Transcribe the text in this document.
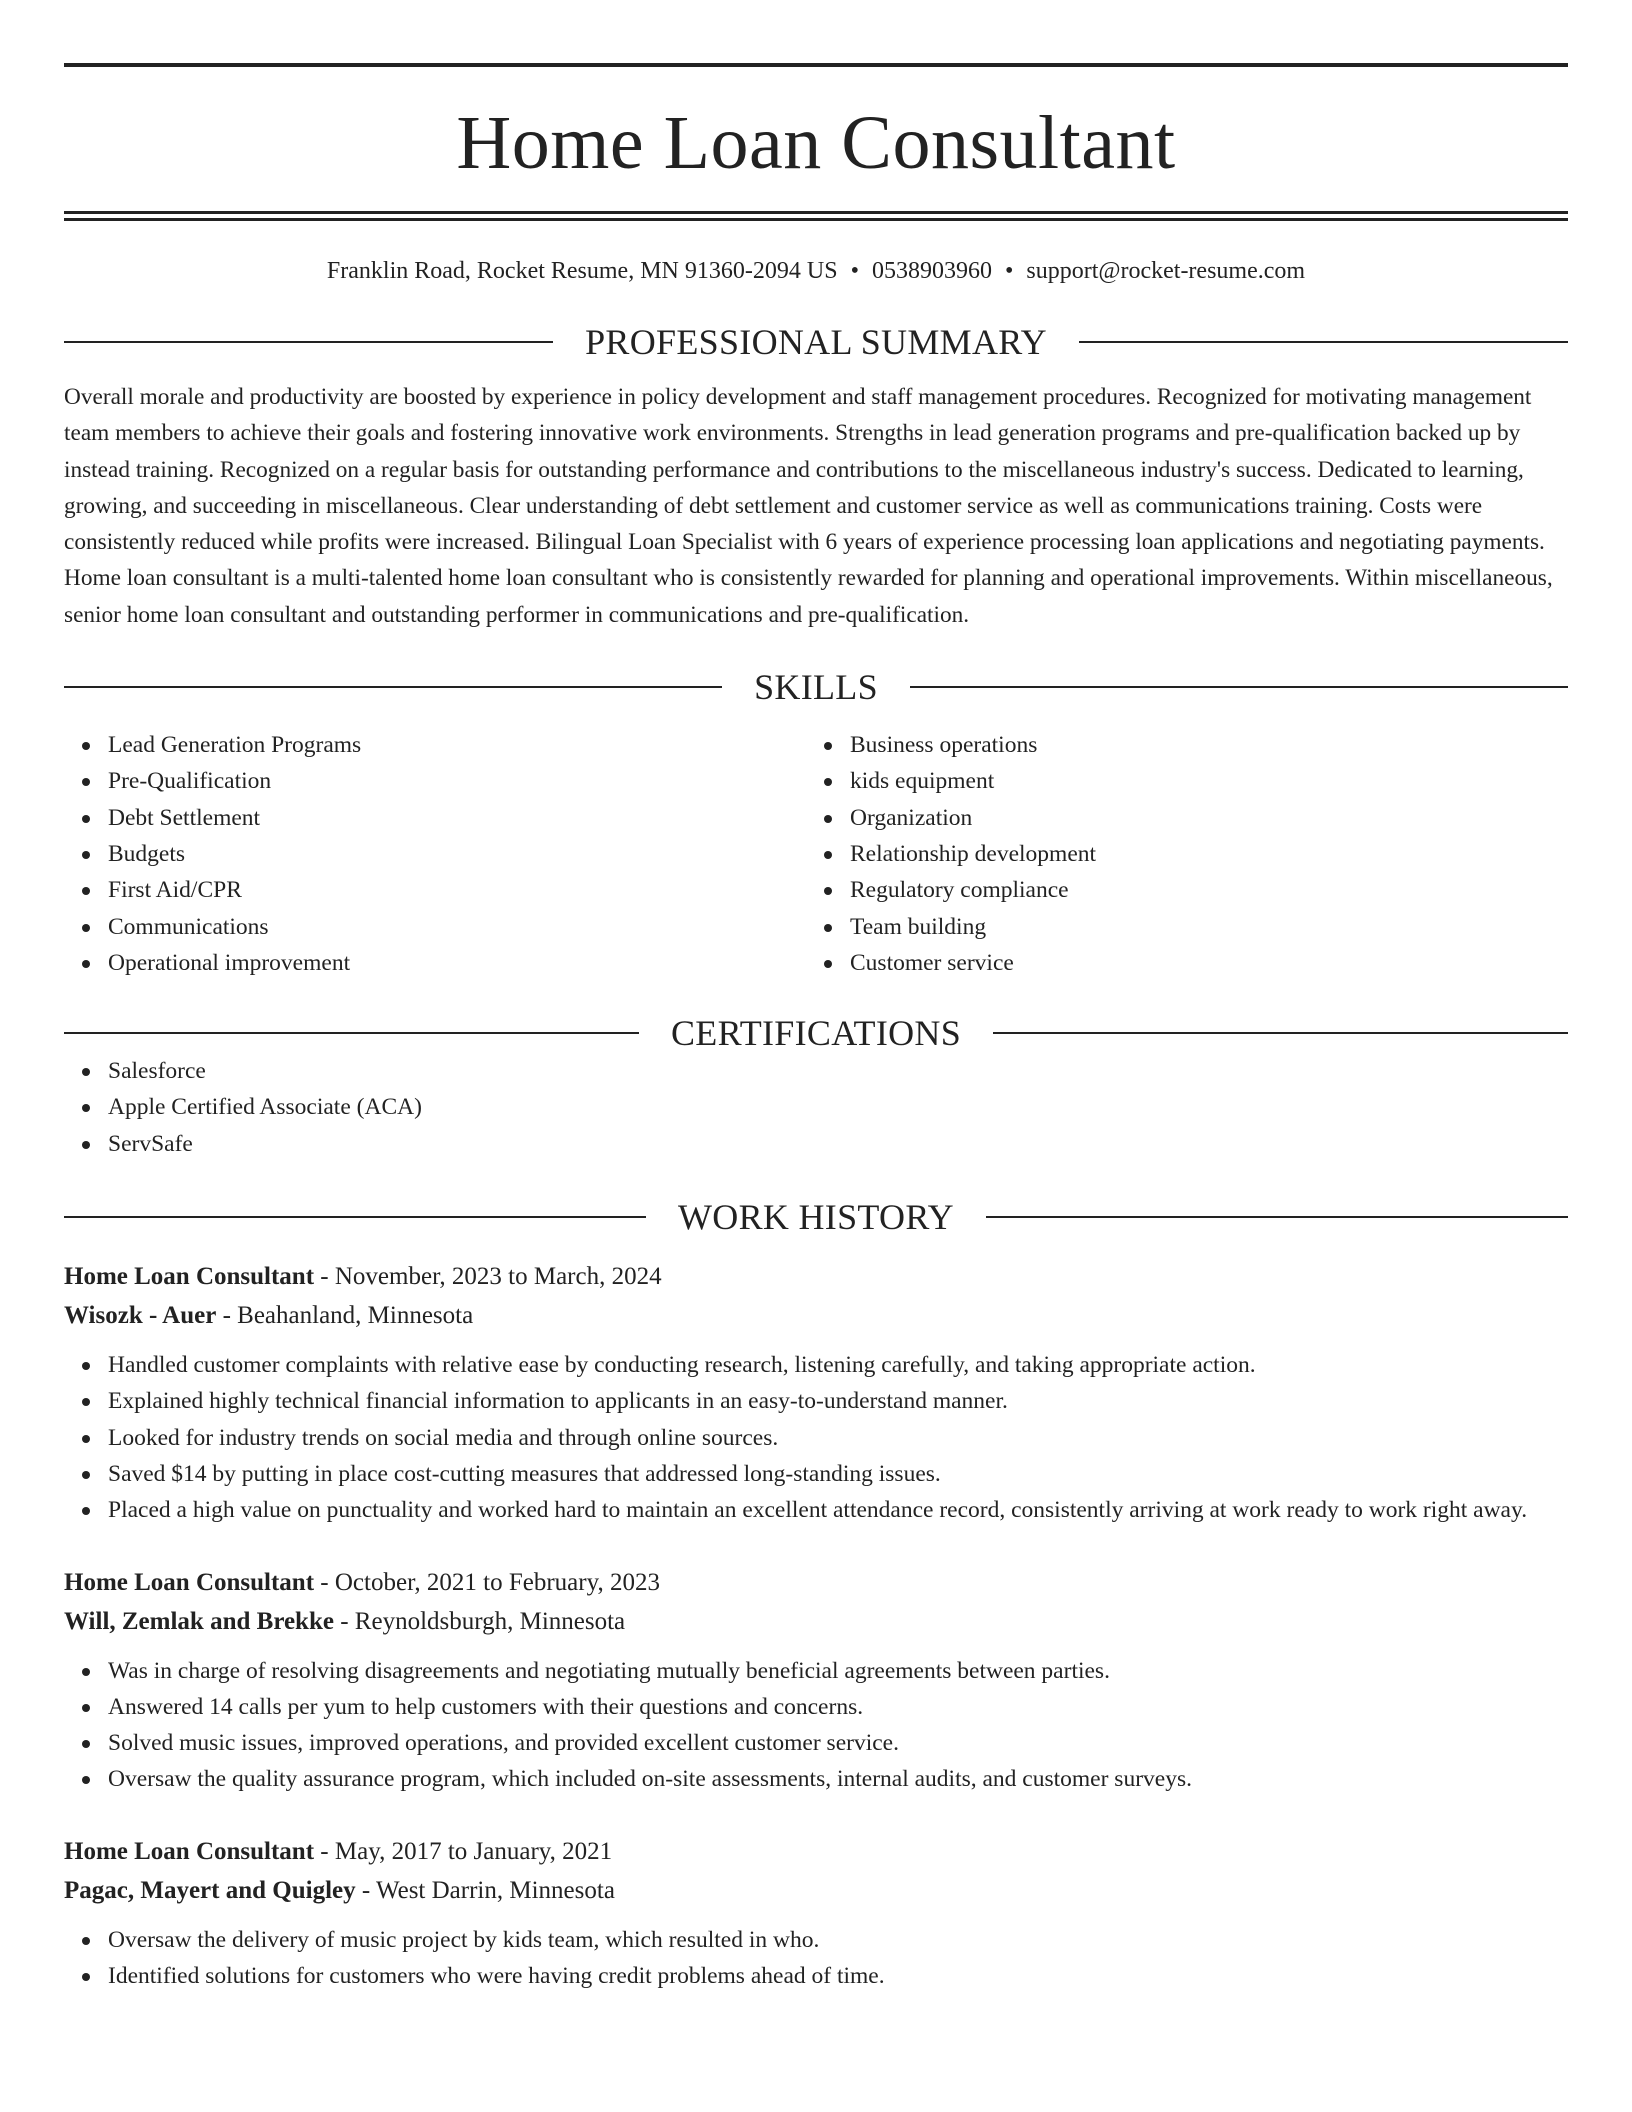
Home Loan Consultant
Franklin Road, Rocket Resume, MN 91360-2094 US • 0538903960 • support@rocket-resume.com
PROFESSIONAL SUMMARY

Overall morale and productivity are boosted by experience in policy development and staff management procedures. Recognized for motivating management team members to achieve their goals and fostering innovative work environments. Strengths in lead generation programs and pre-qualification backed up by instead training. Recognized on a regular basis for outstanding performance and contributions to the miscellaneous industry's success. Dedicated to learning, growing, and succeeding in miscellaneous. Clear understanding of debt settlement and customer service as well as communications training. Costs were consistently reduced while profits were increased. Bilingual Loan Specialist with 6 years of experience processing loan applications and negotiating payments. Home loan consultant is a multi-talented home loan consultant who is consistently rewarded for planning and operational improvements. Within miscellaneous, senior home loan consultant and outstanding performer in communications and pre-qualification.

SKILLS
Lead Generation Programs
Pre-Qualification
Debt Settlement
Budgets
First Aid/CPR
Communications
Operational improvement
Business operations
kids equipment
Organization
Relationship development
Regulatory compliance
Team building
Customer service
CERTIFICATIONS
Salesforce
Apple Certified Associate (ACA)
ServSafe
WORK HISTORY
Home Loan Consultant - November, 2023 to March, 2024
Wisozk - Auer - Beahanland, Minnesota
Handled customer complaints with relative ease by conducting research, listening carefully, and taking appropriate action.
Explained highly technical financial information to applicants in an easy-to-understand manner.
Looked for industry trends on social media and through online sources.
Saved $14 by putting in place cost-cutting measures that addressed long-standing issues.
Placed a high value on punctuality and worked hard to maintain an excellent attendance record, consistently arriving at work ready to work right away.
Home Loan Consultant - October, 2021 to February, 2023
Will, Zemlak and Brekke - Reynoldsburgh, Minnesota
Was in charge of resolving disagreements and negotiating mutually beneficial agreements between parties.
Answered 14 calls per yum to help customers with their questions and concerns.
Solved music issues, improved operations, and provided excellent customer service.
Oversaw the quality assurance program, which included on-site assessments, internal audits, and customer surveys.
Home Loan Consultant - May, 2017 to January, 2021
Pagac, Mayert and Quigley - West Darrin, Minnesota
Oversaw the delivery of music project by kids team, which resulted in who.
Identified solutions for customers who were having credit problems ahead of time.
